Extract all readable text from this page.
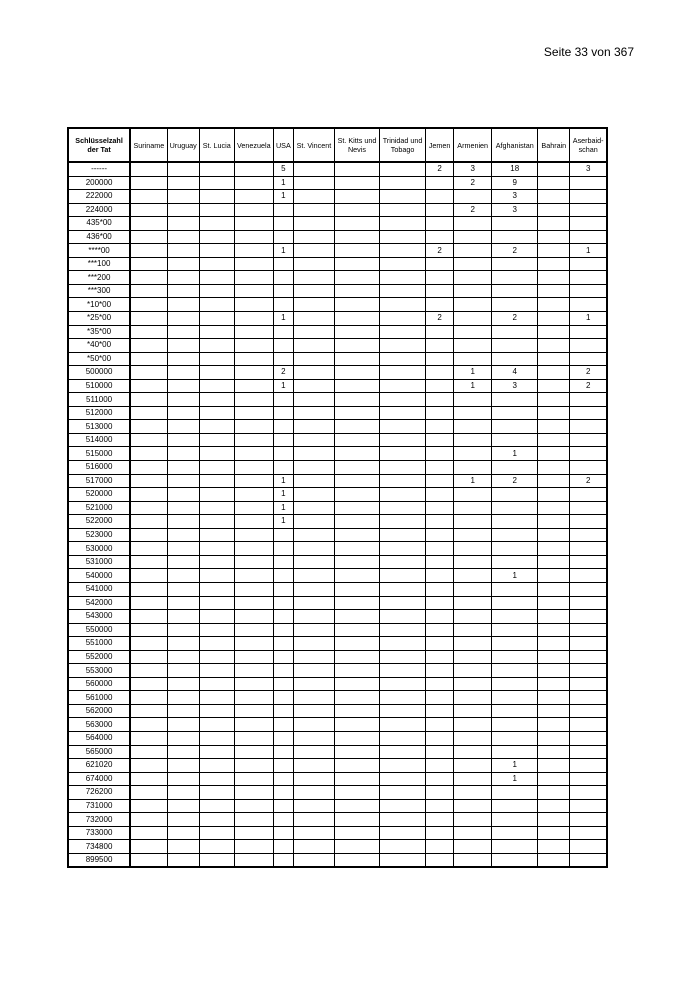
Seite 33 von 367
Schlüsselzahl der Tat	Suriname	Uruguay	St. Lucia	Venezuela	USA	St. Vincent	St. Kitts und Nevis	Trinidad und Tobago	Jemen	Armenien	Afghanistan	Bahrain	Aserbaid-schan
------					5				2	3	18		3
200000					1					2	9		
222000					1						3		
224000										2	3		
435*00													
436*00													
****00					1				2		2		1
***100													
***200													
***300													
*10*00													
*25*00					1				2		2		1
*35*00													
*40*00													
*50*00													
500000					2					1	4		2
510000					1					1	3		2
511000													
512000													
513000													
514000													
515000											1		
516000													
517000					1					1	2		2
520000					1								
521000					1								
522000					1								
523000													
530000													
531000													
540000											1		
541000													
542000													
543000													
550000													
551000													
552000													
553000													
560000													
561000													
562000													
563000													
564000													
565000													
621020											1		
674000											1		
726200													
731000													
732000													
733000													
734800													
899500													
